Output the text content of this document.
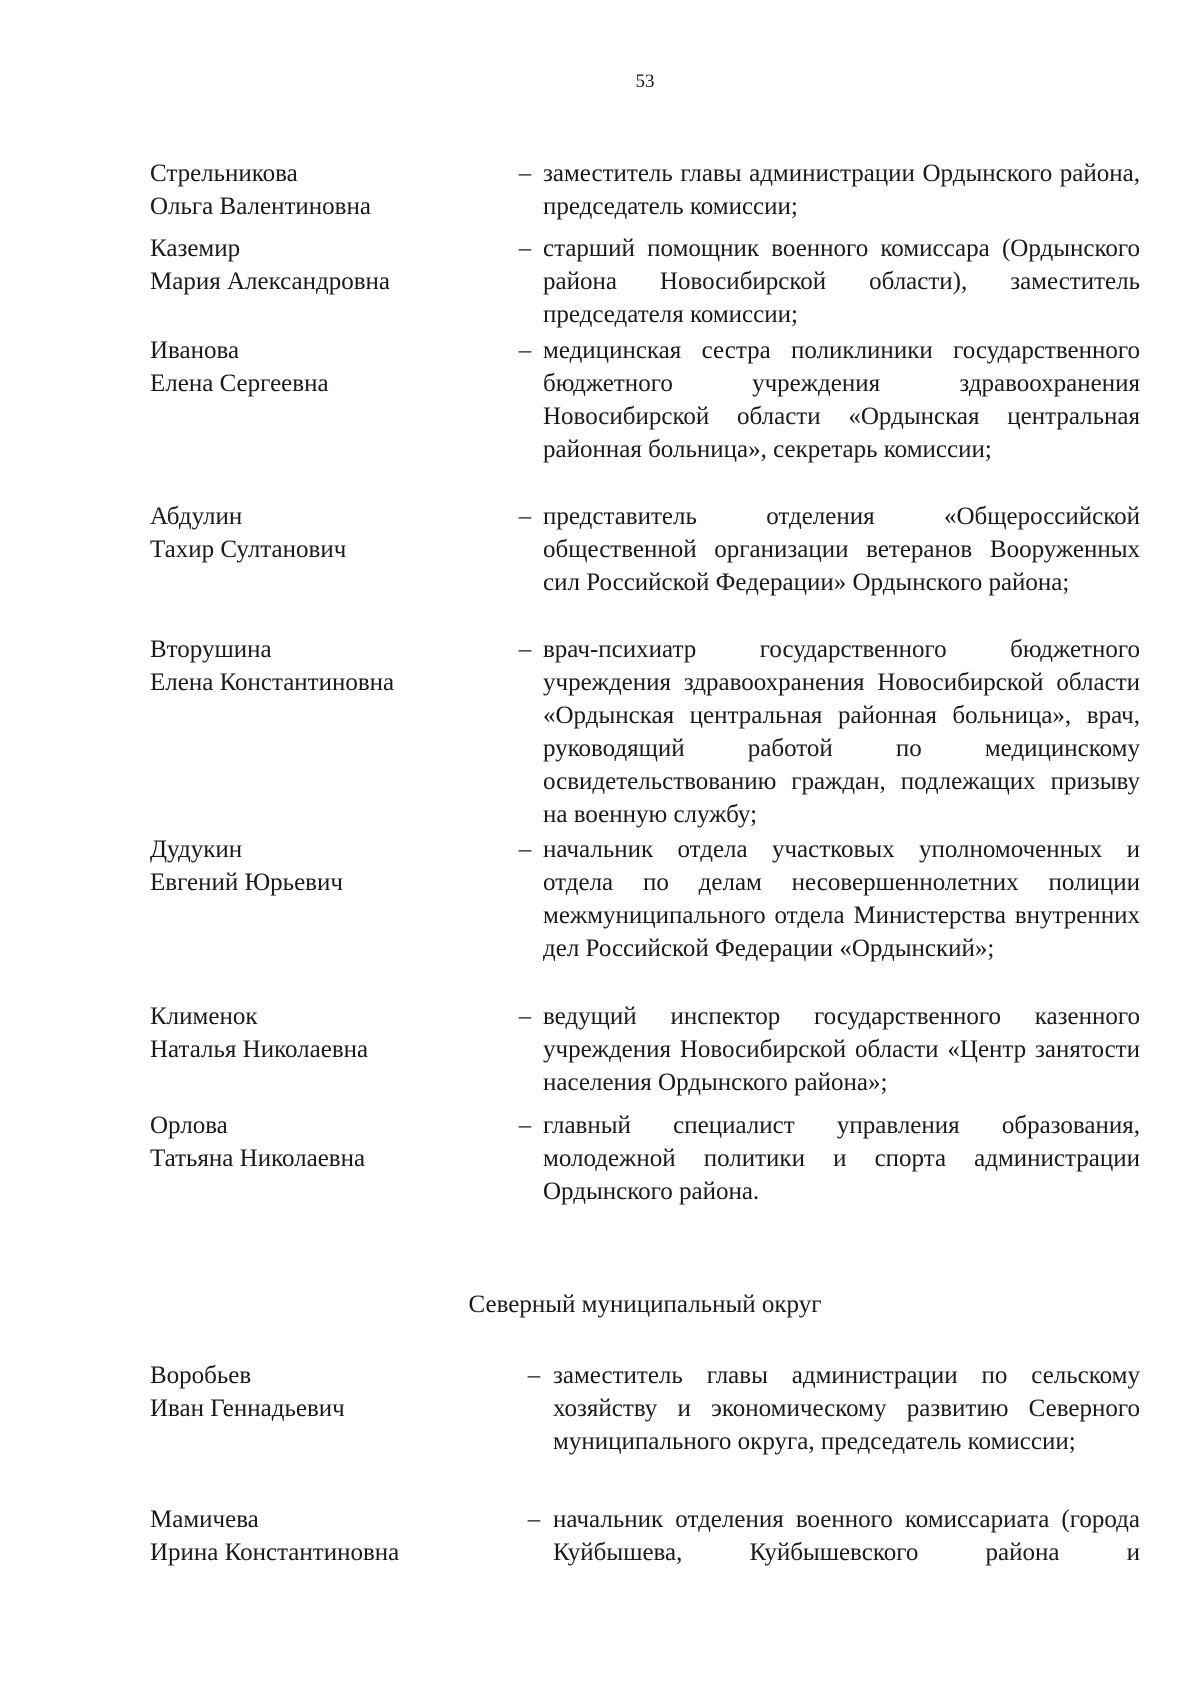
53
Стрельникова
Ольга Валентиновна
– заместитель главы администрации Ордынского района, председатель комиссии;
Каземир
Мария Александровна
– старший помощник военного комиссара (Ордынского района Новосибирской области), заместитель председателя комиссии;
Иванова
Елена Сергеевна
– медицинская сестра поликлиники государственного бюджетного учреждения здравоохранения Новосибирской области «Ордынская центральная районная больница», секретарь комиссии;
Абдулин
Тахир Султанович
– представитель отделения «Общероссийской общественной организации ветеранов Вооруженных сил Российской Федерации» Ордынского района;
Вторушина
Елена Константиновна
– врач-психиатр государственного бюджетного учреждения здравоохранения Новосибирской области «Ордынская центральная районная больница», врач, руководящий работой по медицинскому освидетельствованию граждан, подлежащих призыву на военную службу;
Дудукин
Евгений Юрьевич
– начальник отдела участковых уполномоченных и отдела по делам несовершеннолетних полиции межмуниципального отдела Министерства внутренних дел Российской Федерации «Ордынский»;
Клименок
Наталья Николаевна
– ведущий инспектор государственного казенного учреждения Новосибирской области «Центр занятости населения Ордынского района»;
Орлова
Татьяна Николаевна
– главный специалист управления образования, молодежной политики и спорта администрации Ордынского района.
Северный муниципальный округ
Воробьев
Иван Геннадьевич
– заместитель главы администрации по сельскому хозяйству и экономическому развитию Северного муниципального округа, председатель комиссии;
Мамичева
Ирина Константиновна
– начальник отделения военного комиссариата (города Куйбышева, Куйбышевского района и
